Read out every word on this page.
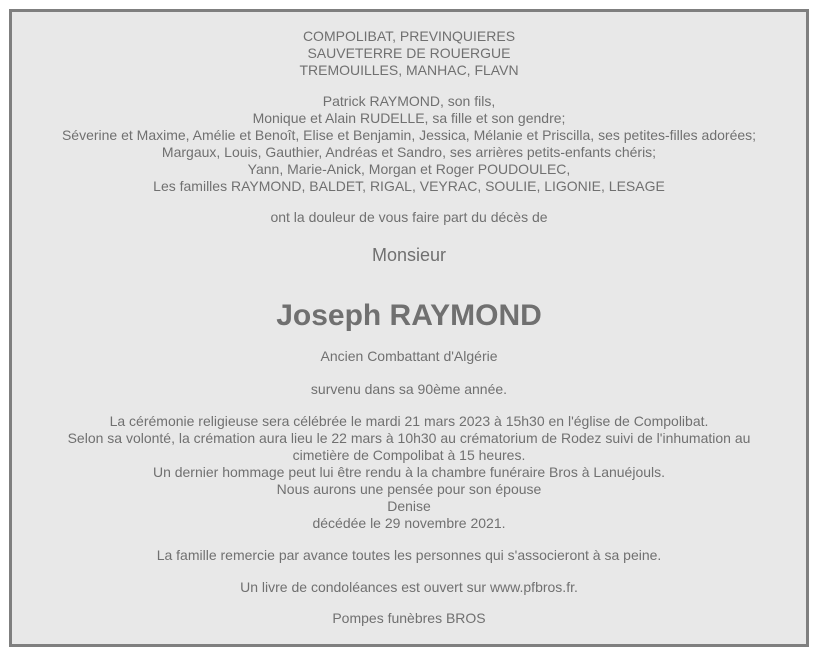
COMPOLIBAT, PREVINQUIERES
SAUVETERRE DE ROUERGUE
TREMOUILLES, MANHAC, FLAVN
Patrick RAYMOND, son fils,
Monique et Alain RUDELLE, sa fille et son gendre;
Séverine et Maxime, Amélie et Benoît, Elise et Benjamin, Jessica, Mélanie et Priscilla, ses petites-filles adorées;
Margaux, Louis, Gauthier, Andréas et Sandro, ses arrières petits-enfants chéris;
Yann, Marie-Anick, Morgan et Roger POUDOULEC,
Les familles RAYMOND, BALDET, RIGAL, VEYRAC, SOULIE, LIGONIE, LESAGE
ont la douleur de vous faire part du décès de
Monsieur
Joseph RAYMOND
Ancien Combattant d'Algérie
survenu dans sa 90ème année.
La cérémonie religieuse sera célébrée le mardi 21 mars 2023 à 15h30 en l'église de Compolibat.
Selon sa volonté, la crémation aura lieu le 22 mars à 10h30 au crématorium de Rodez suivi de l'inhumation au
cimetière de Compolibat à 15 heures.
Un dernier hommage peut lui être rendu à la chambre funéraire Bros à Lanuéjouls.
Nous aurons une pensée pour son épouse
Denise
décédée le 29 novembre 2021.
La famille remercie par avance toutes les personnes qui s'associeront à sa peine.
Un livre de condoléances est ouvert sur www.pfbros.fr.
Pompes funèbres BROS
